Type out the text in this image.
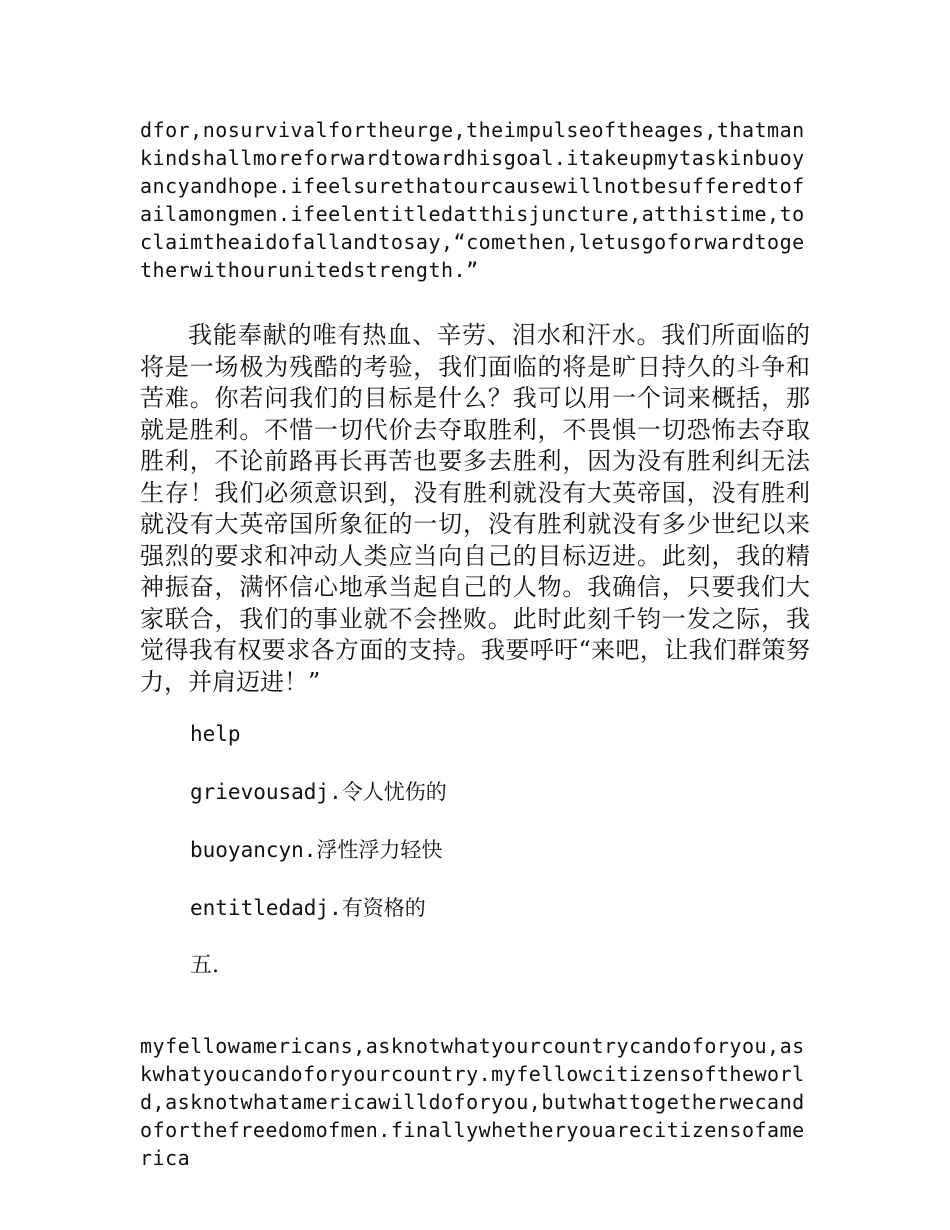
dfor,nosurvivalfortheurge,theimpulseoftheages,thatmankindshallmoreforwardtowardhisgoal.itakeupmytaskinbuoyancyandhope.ifeelsurethatourcausewillnotbesufferedtofailamongmen.ifeelentitledatthisjuncture,atthistime,toclaimtheaidofallandtosay,“comethen,letusgoforwardtogetherwithourunitedstrength.”

我能奉献的唯有热血、辛劳、泪水和汗水。我们所面临的将是一场极为残酷的考验，我们面临的将是旷日持久的斗争和苦难。你若问我们的目标是什么？我可以用一个词来概括，那就是胜利。不惜一切代价去夺取胜利，不畏惧一切恐怖去夺取胜利，不论前路再长再苦也要多去胜利，因为没有胜利纠无法生存！我们必须意识到，没有胜利就没有大英帝国，没有胜利就没有大英帝国所象征的一切，没有胜利就没有多少世纪以来强烈的要求和冲动人类应当向自己的目标迈进。此刻，我的精神振奋，满怀信心地承当起自己的人物。我确信，只要我们大家联合，我们的事业就不会挫败。此时此刻千钧一发之际，我觉得我有权要求各方面的支持。我要呼吁“来吧，让我们群策努力，并肩迈进！”

help
grievousadj.令人忧伤的
buoyancyn.浮性浮力轻快
entitledadj.有资格的

五.

myfellowamericans,asknotwhatyourcountrycandoforyou,askwhatyoucandoforyourcountry.myfellowcitizensoftheworld,asknotwhatamericawilldoforyou,butwhattogetherwecandoforthefreedomofmen.finallywhetheryouarecitizensofamerica
